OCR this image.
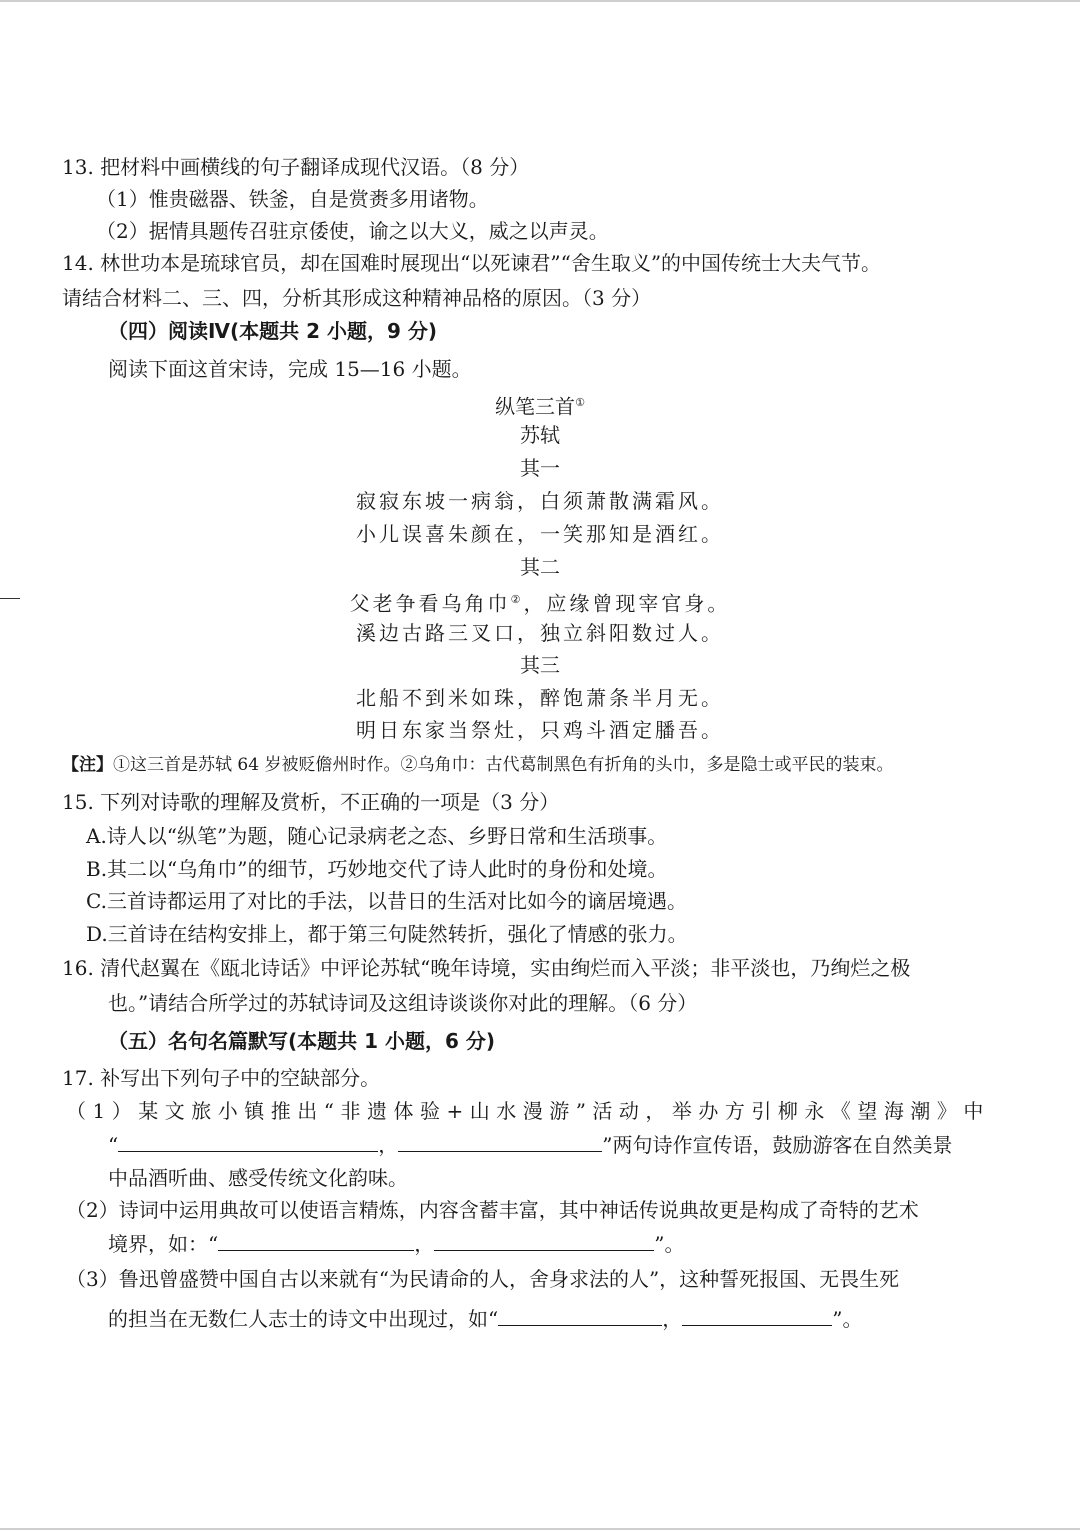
13. 把材料中画横线的句子翻译成现代汉语。（8 分）
（1）惟贵磁器、铁釜，自是赏赉多用诸物。
（2）据情具题传召驻京倭使，谕之以大义，威之以声灵。
14. 林世功本是琉球官员，却在国难时展现出“以死谏君”“舍生取义”的中国传统士大夫气节。
请结合材料二、三、四，分析其形成这种精神品格的原因。（3 分）
（四）阅读Ⅳ(本题共 2 小题，9 分)
阅读下面这首宋诗，完成 15—16 小题。
纵笔三首①
苏轼
其一
寂寂东坡一病翁，白须萧散满霜风。
小儿误喜朱颜在，一笑那知是酒红。
其二
父老争看乌角巾②，应缘曾现宰官身。
溪边古路三叉口，独立斜阳数过人。
其三
北船不到米如珠，醉饱萧条半月无。
明日东家当祭灶，只鸡斗酒定膰吾。
【注】①这三首是苏轼 64 岁被贬儋州时作。②乌角巾：古代葛制黑色有折角的头巾，多是隐士或平民的装束。
15. 下列对诗歌的理解及赏析，不正确的一项是（3 分）
A.诗人以“纵笔”为题，随心记录病老之态、乡野日常和生活琐事。
B.其二以“乌角巾”的细节，巧妙地交代了诗人此时的身份和处境。
C.三首诗都运用了对比的手法，以昔日的生活对比如今的谪居境遇。
D.三首诗在结构安排上，都于第三句陡然转折，强化了情感的张力。
16. 清代赵翼在《瓯北诗话》中评论苏轼“晚年诗境，实由绚烂而入平淡；非平淡也，乃绚烂之极
也。”请结合所学过的苏轼诗词及这组诗谈谈你对此的理解。（6 分）
（五）名句名篇默写(本题共 1 小题，6 分)
17. 补写出下列句子中的空缺部分。
（1）某文旅小镇推出“非遗体验+山水漫游”活动，举办方引柳永《望海潮》中
“	，	”两句诗作宣传语，鼓励游客在自然美景
中品酒听曲、感受传统文化韵味。
（2）诗词中运用典故可以使语言精炼，内容含蓄丰富，其中神话传说典故更是构成了奇特的艺术
境界，如：“	，	”。
（3）鲁迅曾盛赞中国自古以来就有“为民请命的人，舍身求法的人”，这种誓死报国、无畏生死
的担当在无数仁人志士的诗文中出现过，如“	，	”。
